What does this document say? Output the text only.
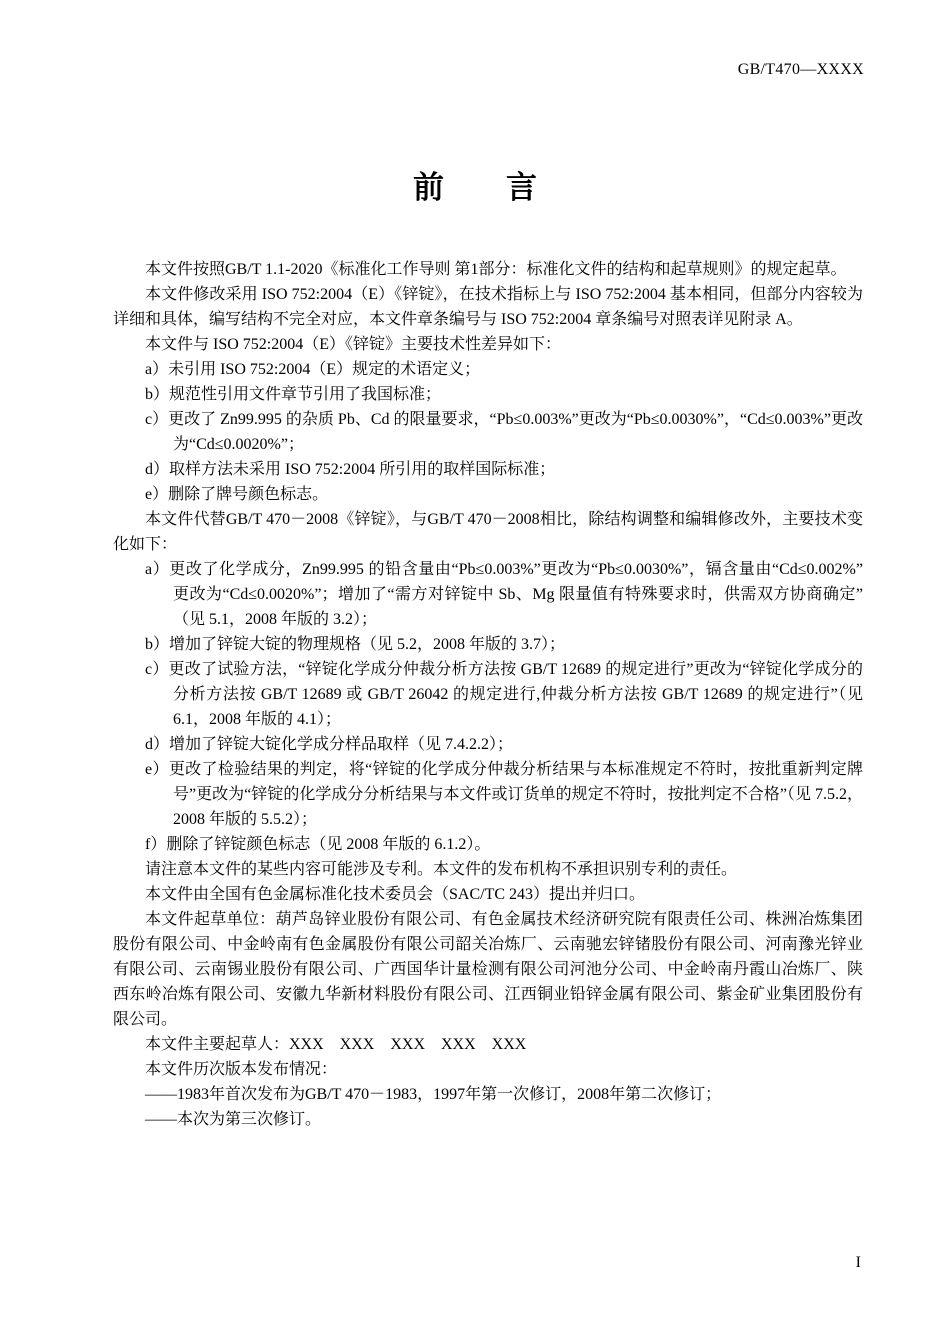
GB/T470—XXXX
前　　言

本文件按照GB/T 1.1-2020《标准化工作导则 第1部分：标准化文件的结构和起草规则》的规定起草。

本文件修改采用 ISO 752:2004（E）《锌锭》，在技术指标上与 ISO 752:2004 基本相同，但部分内容较为详细和具体，编写结构不完全对应，本文件章条编号与 ISO 752:2004 章条编号对照表详见附录 A。

本文件与 ISO 752:2004（E）《锌锭》主要技术性差异如下：

a）未引用 ISO 752:2004（E）规定的术语定义；

b）规范性引用文件章节引用了我国标准；

c）更改了 Zn99.995 的杂质 Pb、Cd 的限量要求，“Pb≤0.003%”更改为“Pb≤0.0030%”，“Cd≤0.003%”更改为“Cd≤0.0020%”；

d）取样方法未采用 ISO 752:2004 所引用的取样国际标准；

e）删除了牌号颜色标志。

本文件代替GB/T 470－2008《锌锭》，与GB/T 470－2008相比，除结构调整和编辑修改外，主要技术变化如下：

a）更改了化学成分，Zn99.995 的铅含量由“Pb≤0.003%”更改为“Pb≤0.0030%”，镉含量由“Cd≤0.002%”更改为“Cd≤0.0020%”；增加了“需方对锌锭中 Sb、Mg 限量值有特殊要求时，供需双方协商确定”（见 5.1，2008 年版的 3.2）；

b）增加了锌锭大锭的物理规格（见 5.2，2008 年版的 3.7）；

c）更改了试验方法，“锌锭化学成分仲裁分析方法按 GB/T 12689 的规定进行”更改为“锌锭化学成分的分析方法按 GB/T 12689 或 GB/T 26042 的规定进行,仲裁分析方法按 GB/T 12689 的规定进行”（见 6.1，2008 年版的 4.1）；

d）增加了锌锭大锭化学成分样品取样（见 7.4.2.2）；

e）更改了检验结果的判定，将“锌锭的化学成分仲裁分析结果与本标准规定不符时，按批重新判定牌号”更改为“锌锭的化学成分分析结果与本文件或订货单的规定不符时，按批判定不合格”（见 7.5.2，2008 年版的 5.5.2）；

f）删除了锌锭颜色标志（见 2008 年版的 6.1.2）。

请注意本文件的某些内容可能涉及专利。本文件的发布机构不承担识别专利的责任。

本文件由全国有色金属标准化技术委员会（SAC/TC 243）提出并归口。

本文件起草单位：葫芦岛锌业股份有限公司、有色金属技术经济研究院有限责任公司、株洲冶炼集团股份有限公司、中金岭南有色金属股份有限公司韶关冶炼厂、云南驰宏锌锗股份有限公司、河南豫光锌业有限公司、云南锡业股份有限公司、广西国华计量检测有限公司河池分公司、中金岭南丹霞山冶炼厂、陕西东岭冶炼有限公司、安徽九华新材料股份有限公司、江西铜业铅锌金属有限公司、紫金矿业集团股份有限公司。

本文件主要起草人：XXX　XXX　XXX　XXX　XXX

本文件历次版本发布情况：

——1983年首次发布为GB/T 470－1983，1997年第一次修订，2008年第二次修订；

——本次为第三次修订。

I
